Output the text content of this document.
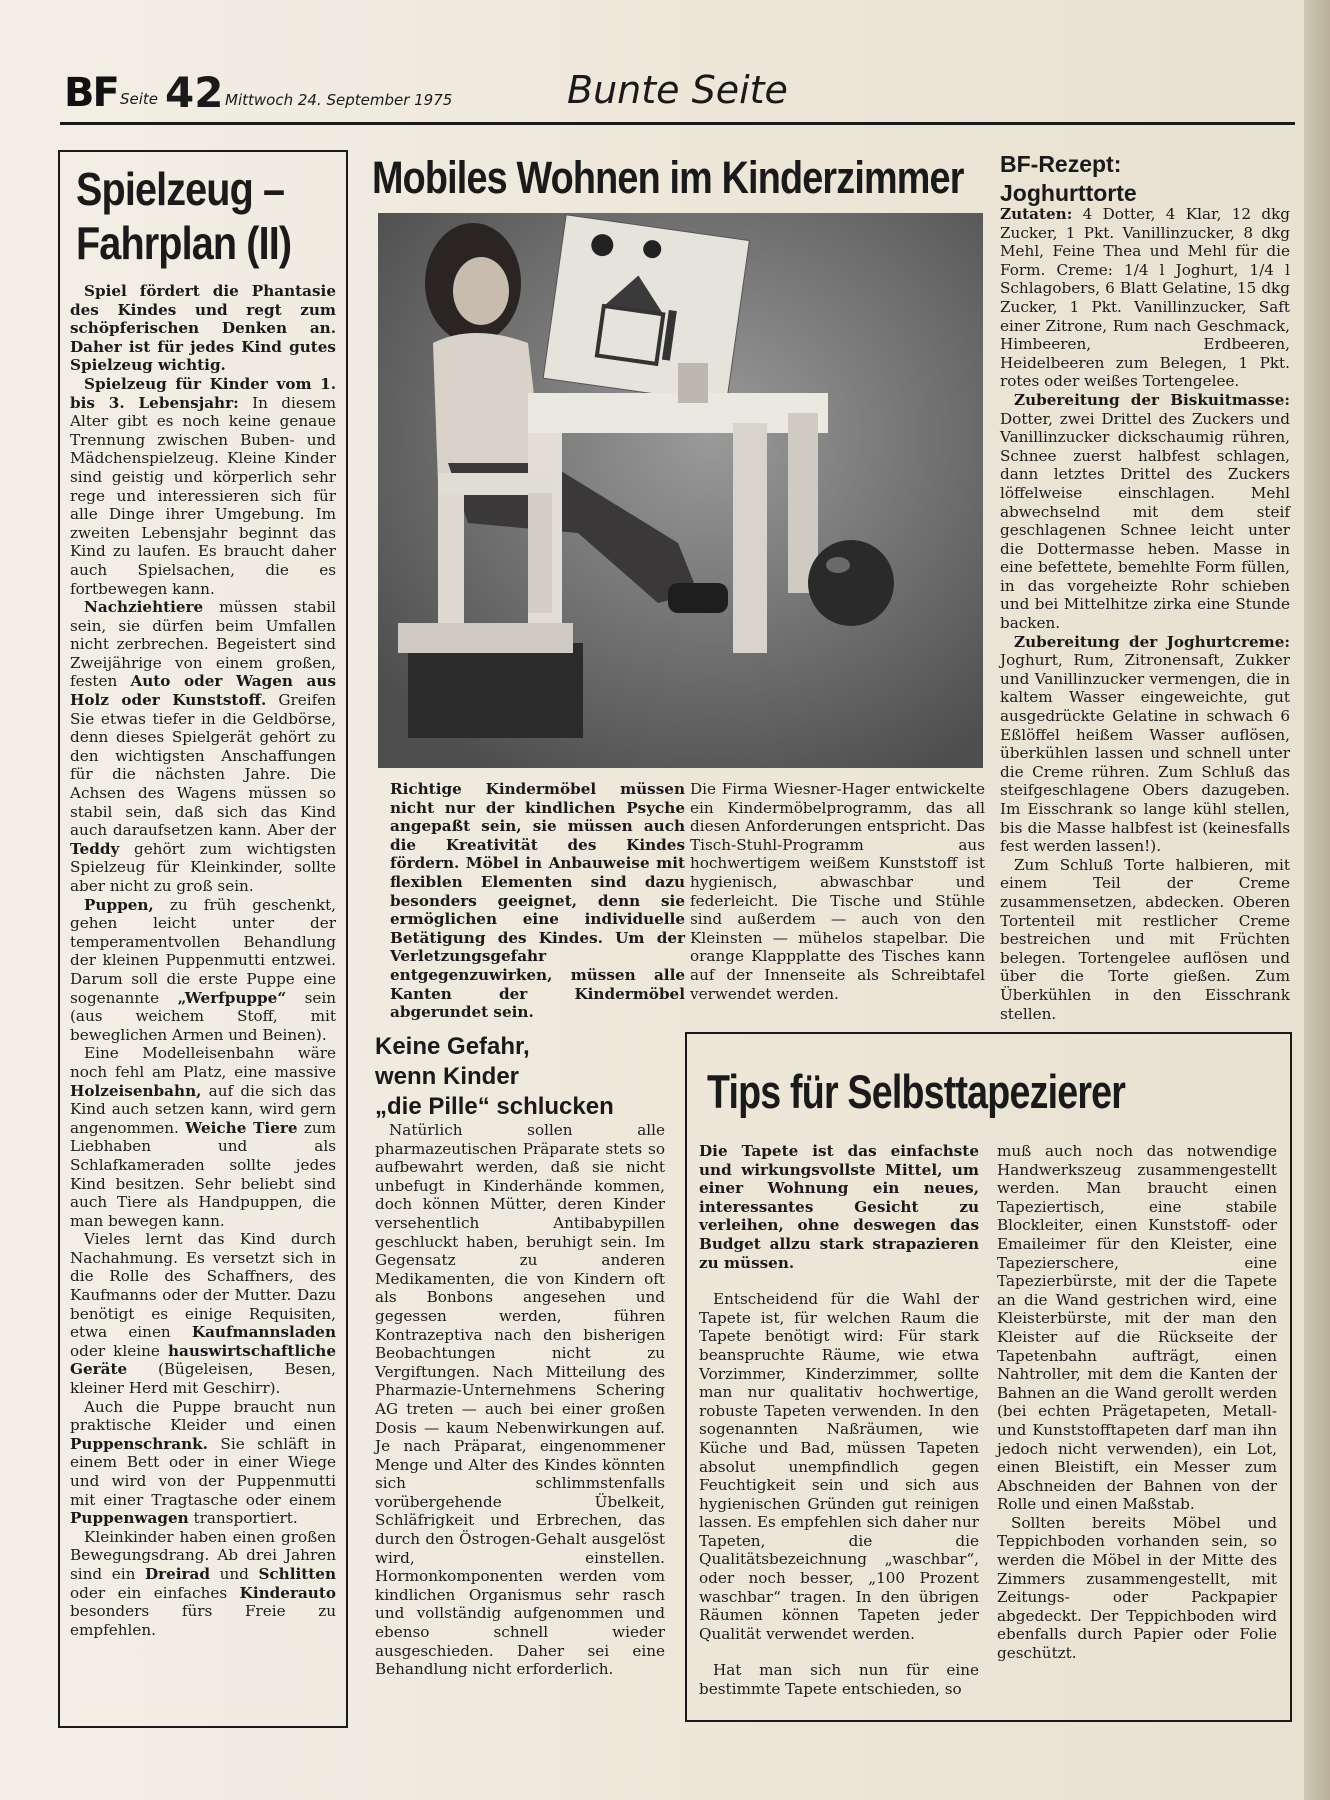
BF Seite 42 Mittwoch 24. September 1975	Bunte Seite
Spielzeug –
Fahrplan (II)

Spiel fördert die Phantasie des Kindes und regt zum schöpferischen Denken an. Daher ist für jedes Kind gutes Spielzeug wichtig.

Spielzeug für Kinder vom 1. bis 3. Lebensjahr: In diesem Alter gibt es noch keine genaue Trennung zwischen Buben- und Mädchenspielzeug. Kleine Kinder sind geistig und körperlich sehr rege und interessieren sich für alle Dinge ihrer Umgebung. Im zweiten Lebensjahr beginnt das Kind zu laufen. Es braucht daher auch Spielsachen, die es fortbewegen kann.

Nachziehtiere müssen stabil sein, sie dürfen beim Umfallen nicht zerbrechen. Begeistert sind Zweijährige von einem großen, festen Auto oder Wagen aus Holz oder Kunststoff. Greifen Sie etwas tiefer in die Geldbörse, denn dieses Spielgerät gehört zu den wichtigsten Anschaffungen für die nächsten Jahre. Die Achsen des Wagens müssen so stabil sein, daß sich das Kind auch daraufsetzen kann. Aber der Teddy gehört zum wichtigsten Spielzeug für Kleinkinder, sollte aber nicht zu groß sein.

Puppen, zu früh geschenkt, gehen leicht unter der temperamentvollen Behandlung der kleinen Puppenmutti entzwei. Darum soll die erste Puppe eine sogenannte „Werfpuppe“ sein (aus weichem Stoff, mit beweglichen Armen und Beinen).

Eine Modelleisenbahn wäre noch fehl am Platz, eine massive Holzeisenbahn, auf die sich das Kind auch setzen kann, wird gern angenommen. Weiche Tiere zum Liebhaben und als Schlafkameraden sollte jedes Kind besitzen. Sehr beliebt sind auch Tiere als Handpuppen, die man bewegen kann.

Vieles lernt das Kind durch Nachahmung. Es versetzt sich in die Rolle des Schaffners, des Kaufmanns oder der Mutter. Dazu benötigt es einige Requisiten, etwa einen Kaufmannsladen oder kleine hauswirtschaftliche Geräte (Bügeleisen, Besen, kleiner Herd mit Geschirr).

Auch die Puppe braucht nun praktische Kleider und einen Puppenschrank. Sie schläft in einem Bett oder in einer Wiege und wird von der Puppenmutti mit einer Tragtasche oder einem Puppenwagen transportiert.

Kleinkinder haben einen großen Bewegungsdrang. Ab drei Jahren sind ein Dreirad und Schlitten oder ein einfaches Kinderauto besonders fürs Freie zu empfehlen.

Mobiles Wohnen im Kinderzimmer
Richtige Kindermöbel müssen nicht nur der kindlichen Psyche angepaßt sein, sie müssen auch die Kreativität des Kindes fördern. Möbel in Anbauweise mit flexiblen Elementen sind dazu besonders geeignet, denn sie ermöglichen eine individuelle Betätigung des Kindes. Um der Verletzungsgefahr entgegenzuwirken, müssen alle Kanten der Kindermöbel abgerundet sein.
Die Firma Wiesner-Hager entwickelte ein Kindermöbelprogramm, das all diesen Anforderungen entspricht. Das Tisch-Stuhl-Programm aus hochwertigem weißem Kunststoff ist hygienisch, abwaschbar und federleicht. Die Tische und Stühle sind außerdem — auch von den Kleinsten — mühelos stapelbar. Die orange Klappplatte des Tisches kann auf der Innenseite als Schreibtafel verwendet werden.
Keine Gefahr,
wenn Kinder
„die Pille“ schlucken

Natürlich sollen alle pharmazeutischen Präparate stets so aufbewahrt werden, daß sie nicht unbefugt in Kinderhände kommen, doch können Mütter, deren Kinder versehentlich Antibabypillen geschluckt haben, beruhigt sein. Im Gegensatz zu anderen Medikamenten, die von Kindern oft als Bonbons angesehen und gegessen werden, führen Kontrazeptiva nach den bisherigen Beobachtungen nicht zu Vergiftungen. Nach Mitteilung des Pharmazie-Unternehmens Schering AG treten — auch bei einer großen Dosis — kaum Nebenwirkungen auf. Je nach Präparat, eingenommener Menge und Alter des Kindes könnten sich schlimmstenfalls vorübergehende Übelkeit, Schläfrigkeit und Erbrechen, das durch den Östrogen-Gehalt ausgelöst wird, einstellen. Hormonkomponenten werden vom kindlichen Organismus sehr rasch und vollständig aufgenommen und ebenso schnell wieder ausgeschieden. Daher sei eine Behandlung nicht erforderlich.

BF-Rezept:
Joghurttorte

Zutaten: 4 Dotter, 4 Klar, 12 dkg Zucker, 1 Pkt. Vanillinzucker, 8 dkg Mehl, Feine Thea und Mehl für die Form. Creme: 1/4 l Joghurt, 1/4 l Schlagobers, 6 Blatt Gelatine, 15 dkg Zucker, 1 Pkt. Vanillinzucker, Saft einer Zitrone, Rum nach Geschmack, Himbeeren, Erdbeeren, Heidelbeeren zum Belegen, 1 Pkt. rotes oder weißes Tortengelee.

Zubereitung der Biskuitmasse: Dotter, zwei Drittel des Zuckers und Vanillinzucker dickschaumig rühren, Schnee zuerst halbfest schlagen, dann letztes Drittel des Zuckers löffelweise einschlagen. Mehl abwechselnd mit dem steif geschlagenen Schnee leicht unter die Dottermasse heben. Masse in eine befettete, bemehlte Form füllen, in das vorgeheizte Rohr schieben und bei Mittelhitze zirka eine Stunde backen.

Zubereitung der Joghurtcreme: Joghurt, Rum, Zitronensaft, Zukker und Vanillinzucker vermengen, die in kaltem Wasser eingeweichte, gut ausgedrückte Gelatine in schwach 6 Eßlöffel heißem Wasser auflösen, überkühlen lassen und schnell unter die Creme rühren. Zum Schluß das steifgeschlagene Obers dazugeben. Im Eisschrank so lange kühl stellen, bis die Masse halbfest ist (keinesfalls fest werden lassen!).

Zum Schluß Torte halbieren, mit einem Teil der Creme zusammensetzen, abdecken. Oberen Tortenteil mit restlicher Creme bestreichen und mit Früchten belegen. Tortengelee auflösen und über die Torte gießen. Zum Überkühlen in den Eisschrank stellen.

Tips für Selbsttapezierer

Die Tapete ist das einfachste und wirkungsvollste Mittel, um einer Wohnung ein neues, interessantes Gesicht zu verleihen, ohne deswegen das Budget allzu stark strapazieren zu müssen.

Entscheidend für die Wahl der Tapete ist, für welchen Raum die Tapete benötigt wird: Für stark beanspruchte Räume, wie etwa Vorzimmer, Kinderzimmer, sollte man nur qualitativ hochwertige, robuste Tapeten verwenden. In den sogenannten Naßräumen, wie Küche und Bad, müssen Tapeten absolut unempfindlich gegen Feuchtigkeit sein und sich aus hygienischen Gründen gut reinigen lassen. Es empfehlen sich daher nur Tapeten, die die Qualitätsbezeichnung „waschbar“, oder noch besser, „100 Prozent waschbar“ tragen. In den übrigen Räumen können Tapeten jeder Qualität verwendet werden.

Hat man sich nun für eine bestimmte Tapete entschieden, so

muß auch noch das notwendige Handwerkszeug zusammengestellt werden. Man braucht einen Tapeziertisch, eine stabile Blockleiter, einen Kunststoff- oder Emaileimer für den Kleister, eine Tapezierschere, eine Tapezierbürste, mit der die Tapete an die Wand gestrichen wird, eine Kleisterbürste, mit der man den Kleister auf die Rückseite der Tapetenbahn aufträgt, einen Nahtroller, mit dem die Kanten der Bahnen an die Wand gerollt werden (bei echten Prägetapeten, Metall- und Kunststofftapeten darf man ihn jedoch nicht verwenden), ein Lot, einen Bleistift, ein Messer zum Abschneiden der Bahnen von der Rolle und einen Maßstab.

Sollten bereits Möbel und Teppichboden vorhanden sein, so werden die Möbel in der Mitte des Zimmers zusammengestellt, mit Zeitungs- oder Packpapier abgedeckt. Der Teppichboden wird ebenfalls durch Papier oder Folie geschützt.
